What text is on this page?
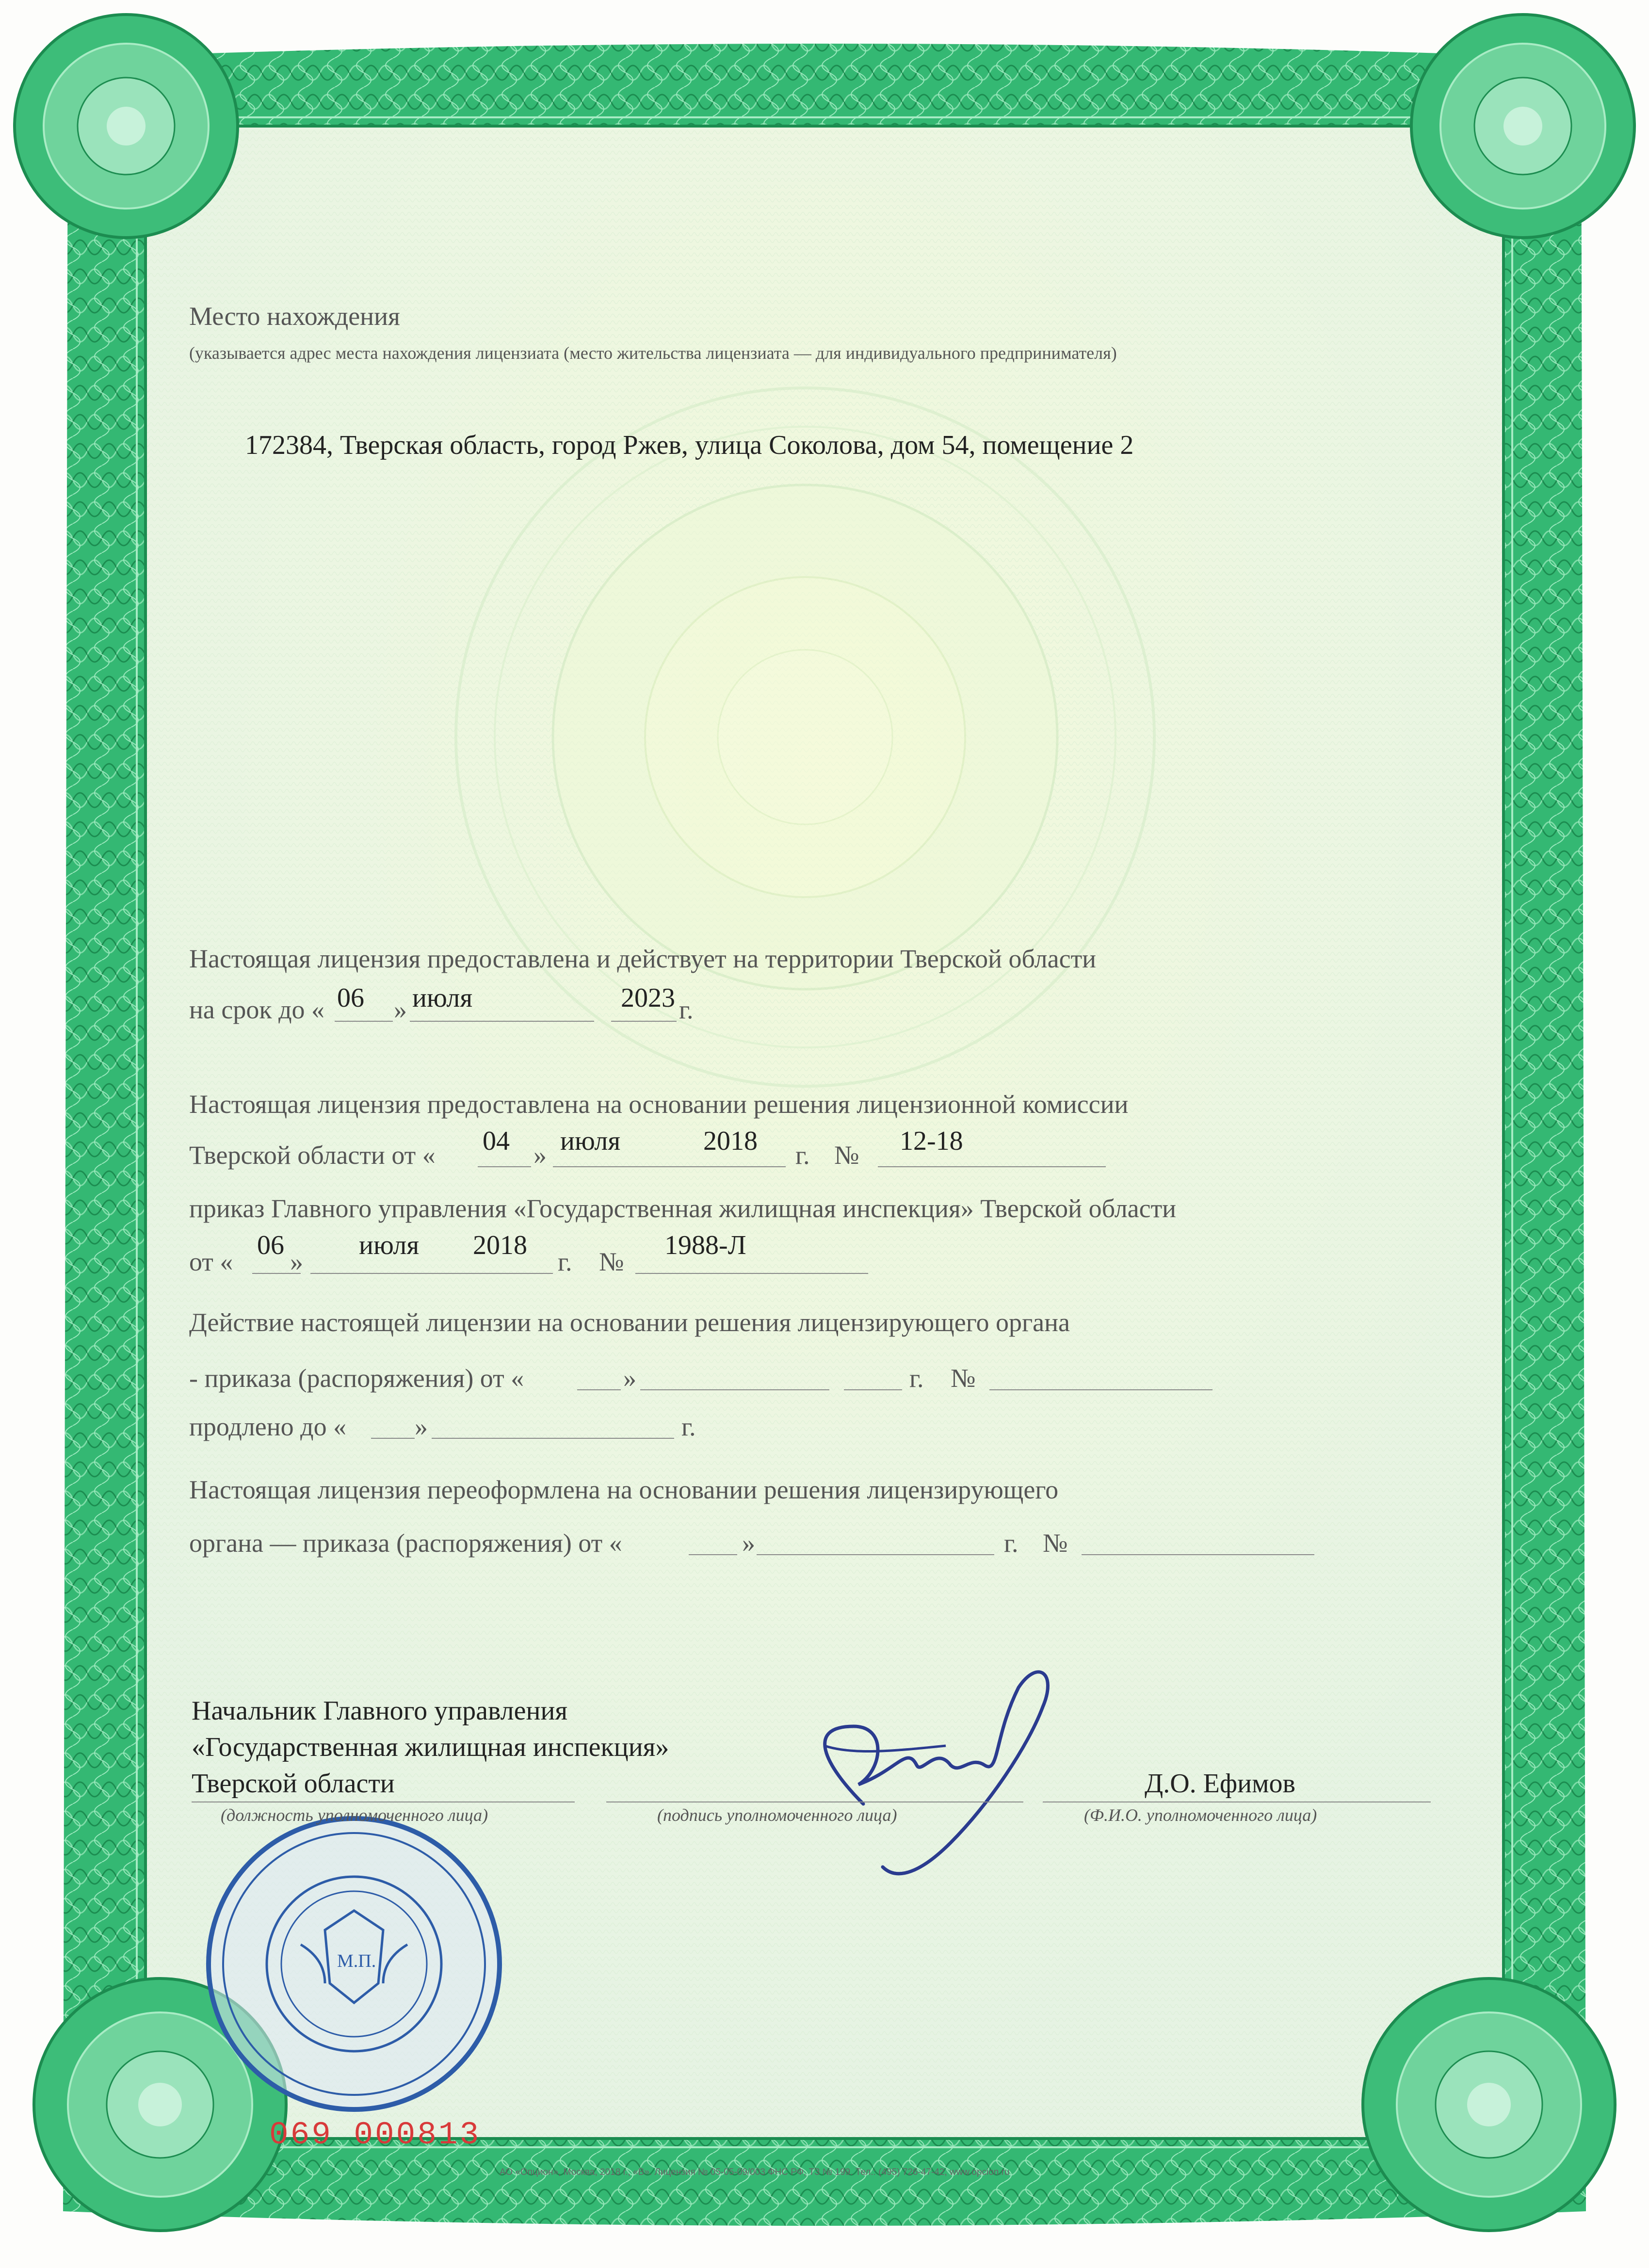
Место нахождения
(указывается адрес места нахождения лицензиата (место жительства лицензиата — для индивидуального предпринимателя)
172384, Тверская область, город Ржев, улица Соколова, дом 54, помещение 2
Настоящая лицензия предоставлена и действует на территории Тверской области
на срок до « 06 » июля	2023 г.
Настоящая лицензия предоставлена на основании решения лицензионной комиссии
Тверской области от « 04 » июля	2018 г. № 12-18
приказ Главного управления «Государственная жилищная инспекция» Тверской области
от «
06
»
июля 2018
г. №
1988-Л
Действие настоящей лицензии на основании решения лицензирующего органа
- приказа (распоряжения) от «	»	г. №
продлено до «	»	г.
Настоящая лицензия переоформлена на основании решения лицензирующего
органа — приказа (распоряжения) от «	»	г. №
Начальник Главного управления
«Государственная жилищная инспекция»
Тверской области	Д.О. Ефимов
(должность уполномоченного лица)	(подпись уполномоченного лица)	(Ф.И.О. уполномоченного лица)
М.П.
069 000813
АО «Опцион», Москва, 2018 г., «В». Лицензия № 05-05-09/003 ФНС РФ, ТЗ № 199. Тел.: (495) 726-47-42, www.opcion.ru
